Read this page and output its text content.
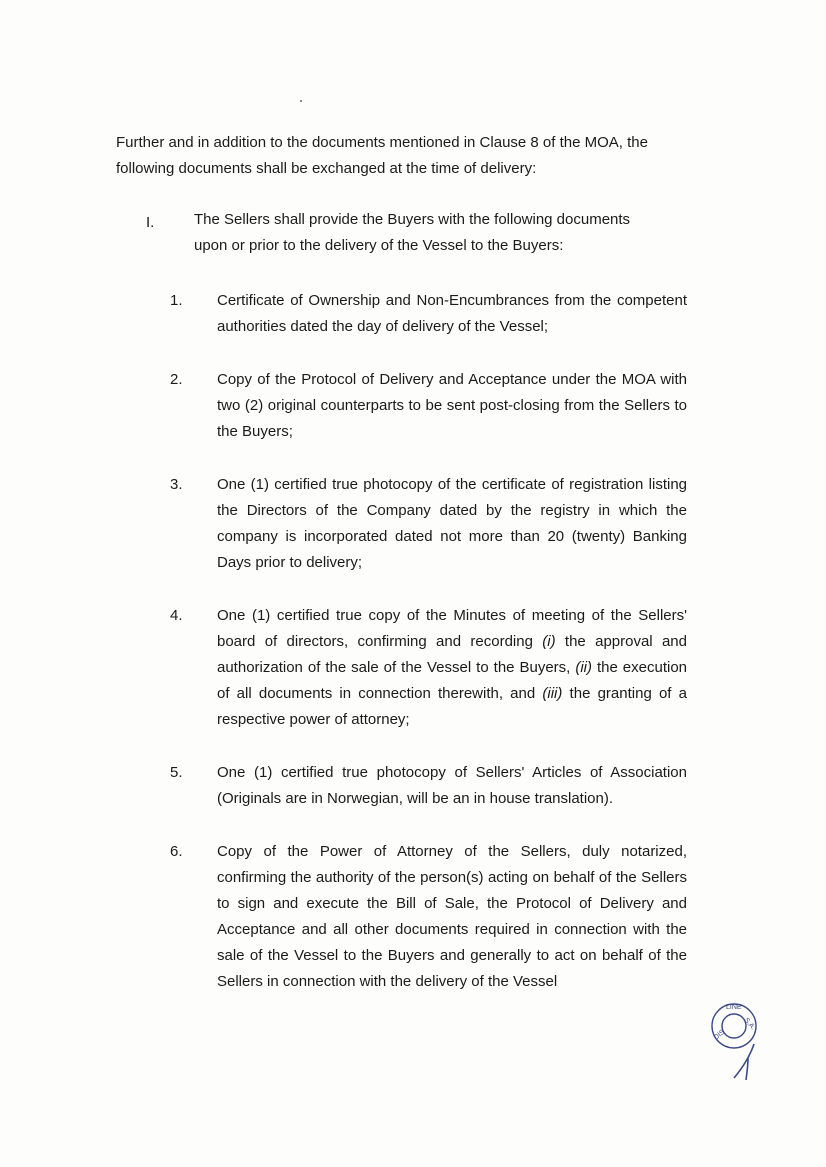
Further and in addition to the documents mentioned in Clause 8 of the MOA, the following documents shall be exchanged at the time of delivery:

I.	The Sellers shall provide the Buyers with the following documents upon or prior to the delivery of the Vessel to the Buyers:

1. Certificate of Ownership and Non-Encumbrances from the competent authorities dated the day of delivery of the Vessel;

2. Copy of the Protocol of Delivery and Acceptance under the MOA with two (2) original counterparts to be sent post-closing from the Sellers to the Buyers;

3. One (1) certified true photocopy of the certificate of registration listing the Directors of the Company dated by the registry in which the company is incorporated dated not more than 20 (twenty) Banking Days prior to delivery;

4. One (1) certified true copy of the Minutes of meeting of the Sellers' board of directors, confirming and recording (i) the approval and authorization of the sale of the Vessel to the Buyers, (ii) the execution of all documents in connection therewith, and (iii) the granting of a respective power of attorney;

5. One (1) certified true photocopy of Sellers' Articles of Association (Originals are in Norwegian, will be an in house translation).

6. Copy of the Power of Attorney of the Sellers, duly notarized, confirming the authority of the person(s) acting on behalf of the Sellers to sign and execute the Bill of Sale, the Protocol of Delivery and Acceptance and all other documents required in connection with the sale of the Vessel to the Buyers and generally to act on behalf of the Sellers in connection with the delivery of the Vessel

LINE
S.A.
DIS
